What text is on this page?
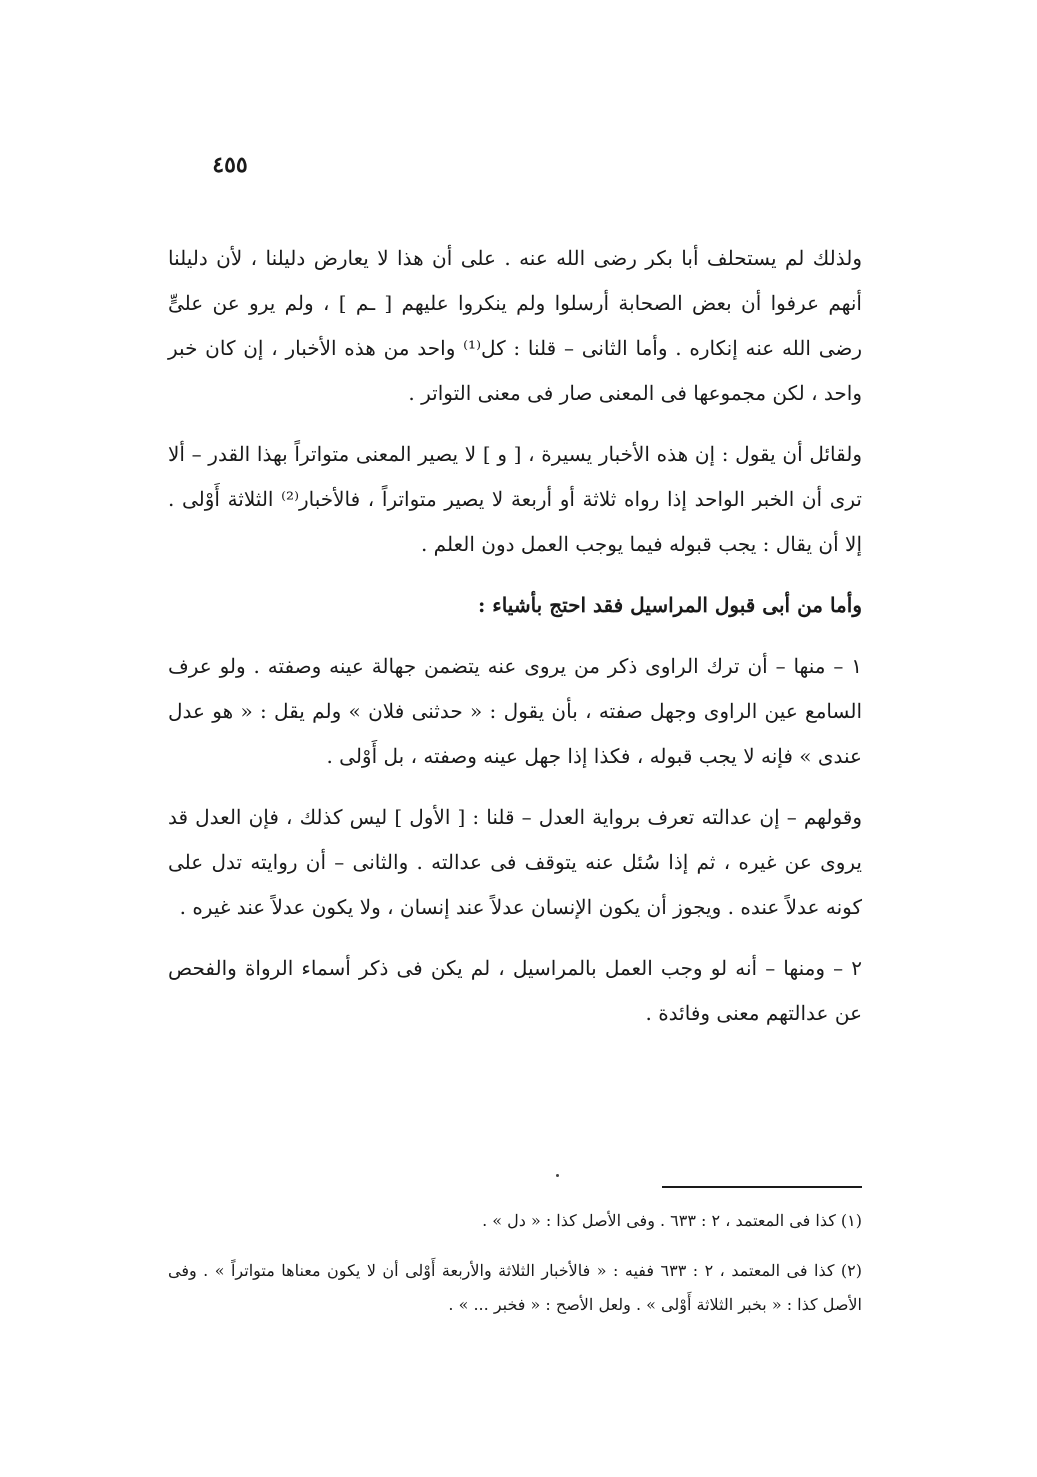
٤٥٥

ولذلك لم يستحلف أبا بكر رضى الله عنه . على أن هذا لا يعارض دليلنا ، لأن دليلنا أنهم عرفوا أن بعض الصحابة أرسلوا ولم ينكروا عليهم [ ـم ] ، ولم يرو عن علىٍّ رضى الله عنه إنكاره . وأما الثانى – قلنا : كل⁽¹⁾ واحد من هذه الأخبار ، إن كان خبر واحد ، لكن مجموعها فى المعنى صار فى معنى التواتر .

ولقائل أن يقول : إن هذه الأخبار يسيرة ، [ و ] لا يصير المعنى متواتراً بهذا القدر – ألا ترى أن الخبر الواحد إذا رواه ثلاثة أو أربعة لا يصير متواتراً ، فالأخبار⁽²⁾ الثلاثة أَوْلى . إلا أن يقال : يجب قبوله فيما يوجب العمل دون العلم .

وأما من أبى قبول المراسيل فقد احتج بأشياء :

١ – منها – أن ترك الراوى ذكر من يروى عنه يتضمن جهالة عينه وصفته . ولو عرف السامع عين الراوى وجهل صفته ، بأن يقول : « حدثنى فلان » ولم يقل : « هو عدل عندى » فإنه لا يجب قبوله ، فكذا إذا جهل عينه وصفته ، بل أَوْلى .

وقولهم – إن عدالته تعرف برواية العدل – قلنا : [ الأول ] ليس كذلك ، فإن العدل قد يروى عن غيره ، ثم إذا سُئل عنه يتوقف فى عدالته . والثانى – أن روايته تدل على كونه عدلاً عنده . ويجوز أن يكون الإنسان عدلاً عند إنسان ، ولا يكون عدلاً عند غيره .

٢ – ومنها – أنه لو وجب العمل بالمراسيل ، لم يكن فى ذكر أسماء الرواة والفحص عن عدالتهم معنى وفائدة .

(١) كذا فى المعتمد ، ٢ : ٦٣٣ . وفى الأصل كذا : « دل » .

(٢) كذا فى المعتمد ، ٢ : ٦٣٣ ففيه : « فالأخبار الثلاثة والأربعة أَوْلى أن لا يكون معناها متواتراً » . وفى الأصل كذا : « بخبر الثلاثة أَوْلى » . ولعل الأصح : « فخبر ... » .
